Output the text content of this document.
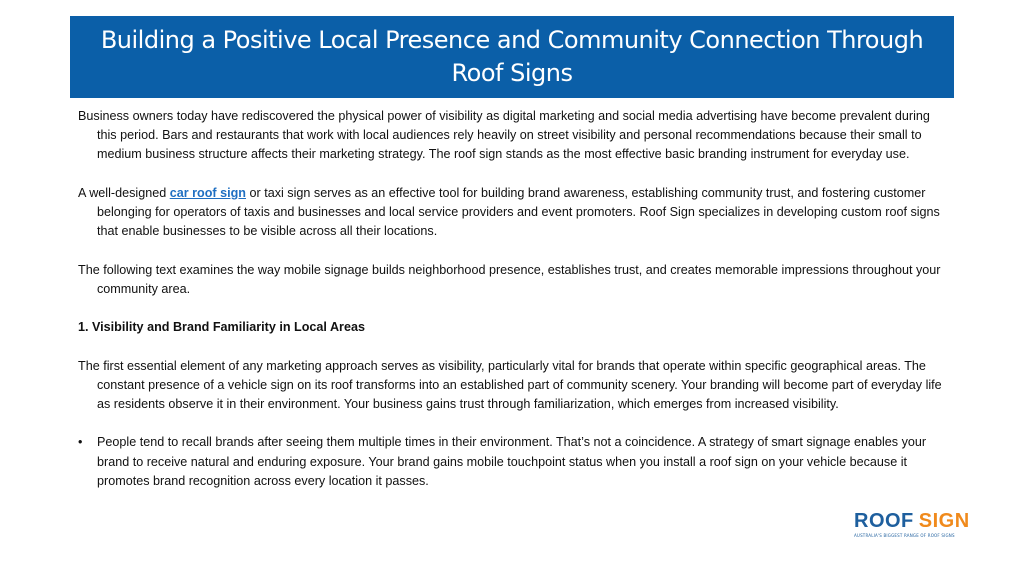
Building a Positive Local Presence and Community Connection Through Roof Signs

Business owners today have rediscovered the physical power of visibility as digital marketing and social media advertising have become prevalent during this period. Bars and restaurants that work with local audiences rely heavily on street visibility and personal recommendations because their small to medium business structure affects their marketing strategy. The roof sign stands as the most effective basic branding instrument for everyday use.

A well-designed car roof sign or taxi sign serves as an effective tool for building brand awareness, establishing community trust, and fostering customer belonging for operators of taxis and businesses and local service providers and event promoters. Roof Sign specializes in developing custom roof signs that enable businesses to be visible across all their locations.

The following text examines the way mobile signage builds neighborhood presence, establishes trust, and creates memorable impressions throughout your community area.

1. Visibility and Brand Familiarity in Local Areas

The first essential element of any marketing approach serves as visibility, particularly vital for brands that operate within specific geographical areas. The constant presence of a vehicle sign on its roof transforms into an established part of community scenery. Your branding will become part of everyday life as residents observe it in their environment. Your business gains trust through familiarization, which emerges from increased visibility.

• People tend to recall brands after seeing them multiple times in their environment. That’s not a coincidence. A strategy of smart signage enables your brand to receive natural and enduring exposure. Your brand gains mobile touchpoint status when you install a roof sign on your vehicle because it promotes brand recognition across every location it passes.

ROOF SIGN
AUSTRALIA'S BIGGEST RANGE OF ROOF SIGNS
